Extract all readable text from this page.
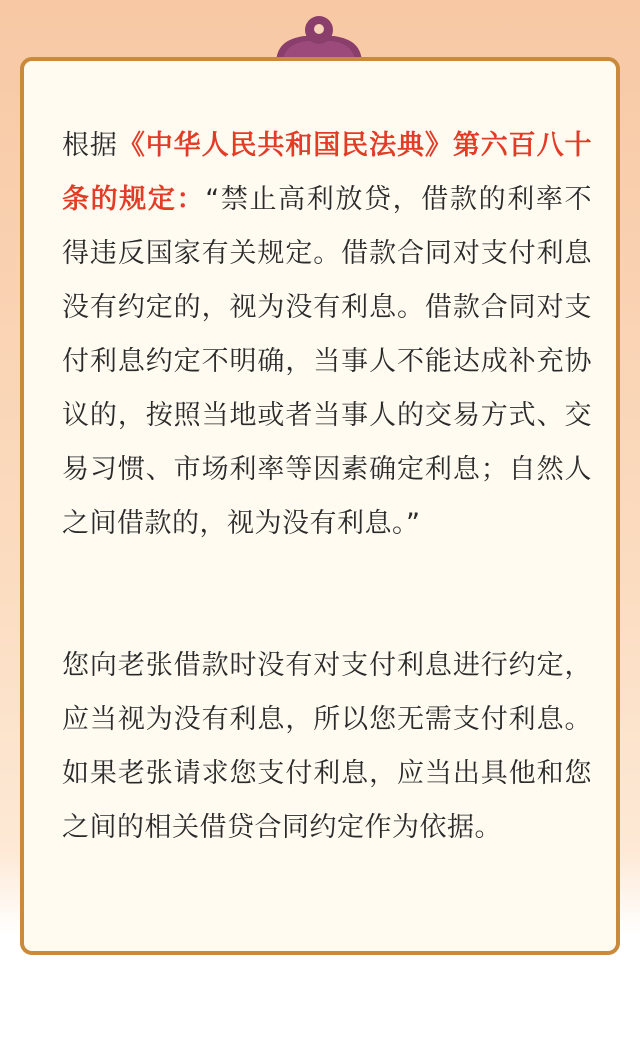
根据《中华人民共和国民法典》第六百八十条的规定：“禁止高利放贷，借款的利率不得违反国家有关规定。借款合同对支付利息没有约定的，视为没有利息。借款合同对支付利息约定不明确，当事人不能达成补充协议的，按照当地或者当事人的交易方式、交易习惯、市场利率等因素确定利息；自然人之间借款的，视为没有利息。”

您向老张借款时没有对支付利息进行约定，应当视为没有利息，所以您无需支付利息。如果老张请求您支付利息，应当出具他和您之间的相关借贷合同约定作为依据。
